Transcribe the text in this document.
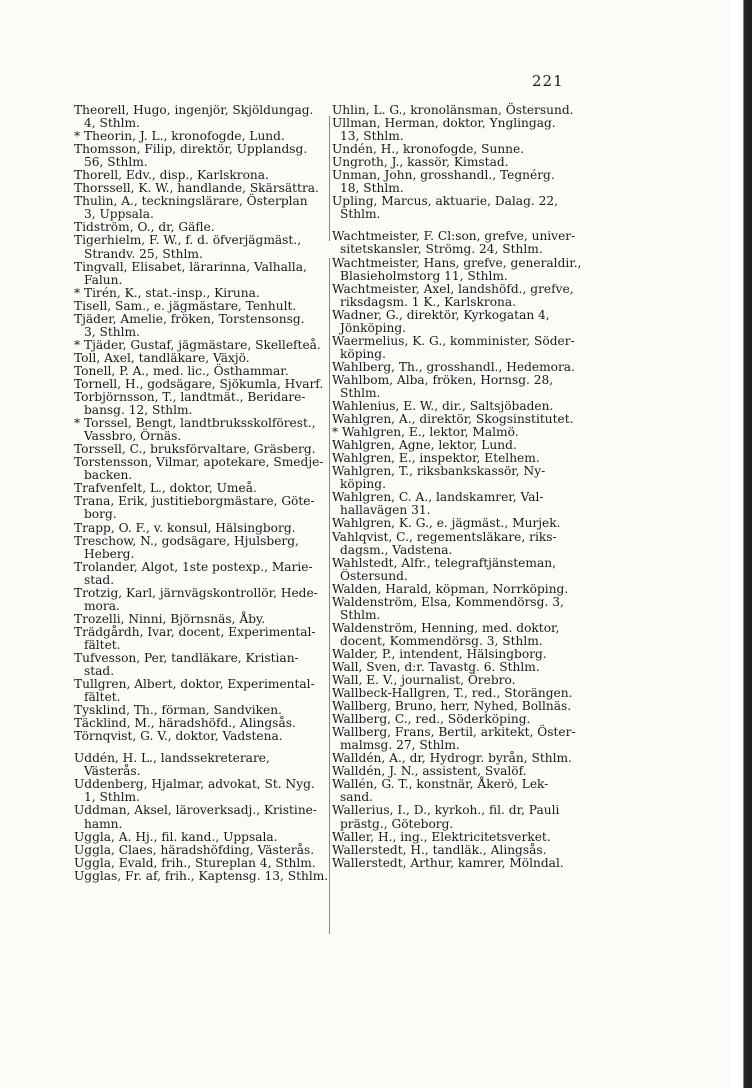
221
Theorell, Hugo, ingenjör, Skjöldungag.
4, Sthlm.
* Theorin, J. L., kronofogde, Lund.
Thomsson, Filip, direktör, Upplandsg.
56, Sthlm.
Thorell, Edv., disp., Karlskrona.
Thorssell, K. W., handlande, Skärsättra.
Thulin, A., teckningslärare, Österplan
3, Uppsala.
Tidström, O., dr, Gäfle.
Tigerhielm, F. W., f. d. öfverjägmäst.,
Strandv. 25, Sthlm.
Tingvall, Elisabet, lärarinna, Valhalla,
Falun.
* Tirén, K., stat.-insp., Kiruna.
Tisell, Sam., e. jägmästare, Tenhult.
Tjäder, Amelie, fröken, Torstensonsg.
3, Sthlm.
* Tjäder, Gustaf, jägmästare, Skellefteå.
Toll, Axel, tandläkare, Växjö.
Tonell, P. A., med. lic., Östhammar.
Tornell, H., godsägare, Sjökumla, Hvarf.
Torbjörnsson, T., landtmät., Beridare-
bansg. 12, Sthlm.
* Torssel, Bengt, landtbruksskolförest.,
Vassbro, Örnäs.
Torssell, C., bruksförvaltare, Gräsberg.
Torstensson, Vilmar, apotekare, Smedje-
backen.
Trafvenfelt, L., doktor, Umeå.
Trana, Erik, justitieborgmästare, Göte-
borg.
Trapp, O. F., v. konsul, Hälsingborg.
Treschow, N., godsägare, Hjulsberg,
Heberg.
Trolander, Algot, 1ste postexp., Marie-
stad.
Trotzig, Karl, järnvägskontrollör, Hede-
mora.
Trozelli, Ninni, Björnsnäs, Åby.
Trädgårdh, Ivar, docent, Experimental-
fältet.
Tufvesson, Per, tandläkare, Kristian-
stad.
Tullgren, Albert, doktor, Experimental-
fältet.
Tysklind, Th., förman, Sandviken.
Täcklind, M., häradshöfd., Alingsås.
Törnqvist, G. V., doktor, Vadstena.
Uddén, H. L., landssekreterare, Västerås.
Uddenberg, Hjalmar, advokat, St. Nyg.
1, Sthlm.
Uddman, Aksel, läroverksadj., Kristine-
hamn.
Uggla, A. Hj., fil. kand., Uppsala.
Uggla, Claes, häradshöfding, Västerås.
Uggla, Evald, frih., Stureplan 4, Sthlm.
Ugglas, Fr. af, frih., Kaptensg. 13, Sthlm.
Uhlin, L. G., kronolänsman, Östersund.
Ullman, Herman, doktor, Ynglingag.
13, Sthlm.
Undén, H., kronofogde, Sunne.
Ungroth, J., kassör, Kimstad.
Unman, John, grosshandl., Tegnérg.
18, Sthlm.
Upling, Marcus, aktuarie, Dalag. 22,
Sthlm.
Wachtmeister, F. Cl:son, grefve, univer-
sitetskansler, Strömg. 24, Sthlm.
Wachtmeister, Hans, grefve, generaldir.,
Blasieholmstorg 11, Sthlm.
Wachtmeister, Axel, landshöfd., grefve,
riksdagsm. 1 K., Karlskrona.
Wadner, G., direktör, Kyrkogatan 4,
Jönköping.
Waermelius, K. G., komminister, Söder-
köping.
Wahlberg, Th., grosshandl., Hedemora.
Wahlbom, Alba, fröken, Hornsg. 28,
Sthlm.
Wahlenius, E. W., dir., Saltsjöbaden.
Wahlgren, A., direktör, Skogsinstitutet.
* Wahlgren, E., lektor, Malmö.
Wahlgren, Agne, lektor, Lund.
Wahlgren, E., inspektor, Etelhem.
Wahlgren, T., riksbankskassör, Ny-
köping.
Wahlgren, C. A., landskamrer, Val-
hallavägen 31.
Wahlgren, K. G., e. jägmäst., Murjek.
Vahlqvist, C., regementsläkare, riks-
dagsm., Vadstena.
Wahlstedt, Alfr., telegraftjänsteman,
Östersund.
Walden, Harald, köpman, Norrköping.
Waldenström, Elsa, Kommendörsg. 3,
Sthlm.
Waldenström, Henning, med. doktor,
docent, Kommendörsg. 3, Sthlm.
Walder, P., intendent, Hälsingborg.
Wall, Sven, d:r. Tavastg. 6. Sthlm.
Wall, E. V., journalist, Örebro.
Wallbeck-Hallgren, T., red., Storängen.
Wallberg, Bruno, herr, Nyhed, Bollnäs.
Wallberg, C., red., Söderköping.
Wallberg, Frans, Bertil, arkitekt, Öster-
malmsg. 27, Sthlm.
Walldén, A., dr, Hydrogr. byrån, Sthlm.
Walldén, J. N., assistent, Svalöf.
Wallén, G. T., konstnär, Åkerö, Lek-
sand.
Wallerius, I., D., kyrkoh., fil. dr, Pauli
prästg., Göteborg.
Waller, H., ing., Elektricitetsverket.
Wallerstedt, H., tandläk., Alingsås.
Wallerstedt, Arthur, kamrer, Mölndal.
